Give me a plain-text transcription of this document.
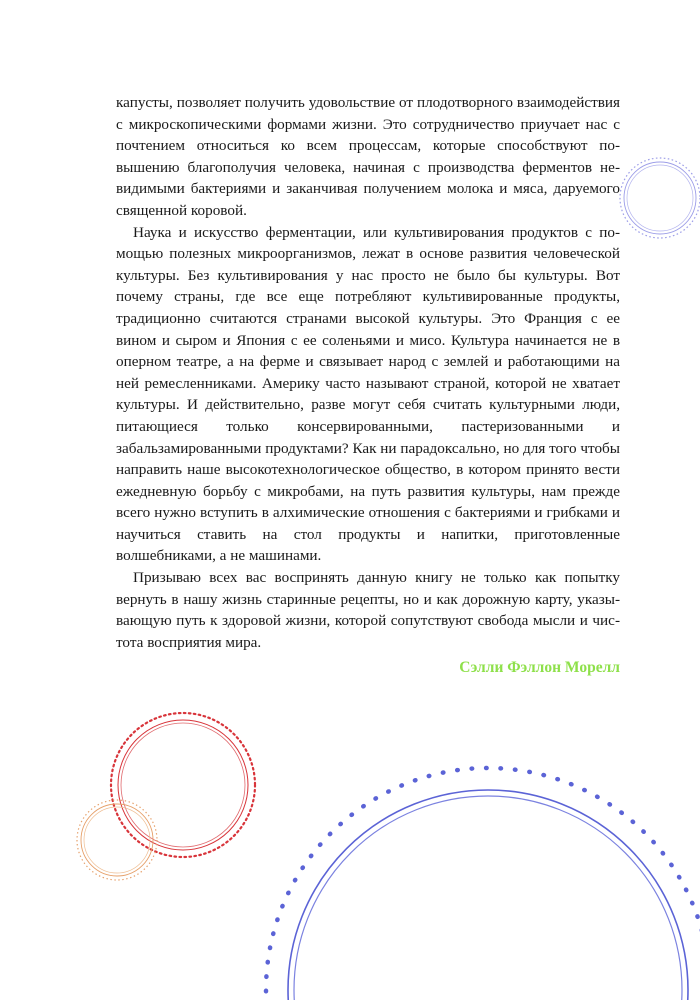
капусты, позволяет получить удовольствие от плодотворного взаимодействия с микроскопическими формами жизни. Это сотрудничество приучает нас с почтением относиться ко всем процессам, которые способствуют повышению благополучия человека, начиная с производства ферментов невидимыми бактериями и заканчивая получением молока и мяса, даруемого священной коровой.

Наука и искусство ферментации, или культивирования продуктов с помощью полезных микроорганизмов, лежат в основе развития человеческой культуры. Без культивирования у нас просто не было бы культуры. Вот почему страны, где все еще потребляют культивированные продукты, традиционно считаются странами высокой культуры. Это Франция с ее вином и сыром и Япония с ее соленьями и мисо. Культура начинается не в оперном театре, а на ферме и связывает народ с землей и работающими на ней ремесленниками. Америку часто называют страной, которой не хватает культуры. И действительно, разве могут себя считать культурными люди, питающиеся только консервированными, пастеризованными и забальзамированными продуктами? Как ни парадоксально, но для того чтобы направить наше высокотехнологическое общество, в котором принято вести ежедневную борьбу с микробами, на путь развития культуры, нам прежде всего нужно вступить в алхимические отношения с бактериями и грибками и научиться ставить на стол продукты и напитки, приготовленные волшебниками, а не машинами.

Призываю всех вас воспринять данную книгу не только как попытку вернуть в нашу жизнь старинные рецепты, но и как дорожную карту, указывающую путь к здоровой жизни, которой сопутствуют свобода мысли и чистота восприятия мира.

Сэлли Фэллон Морелл
